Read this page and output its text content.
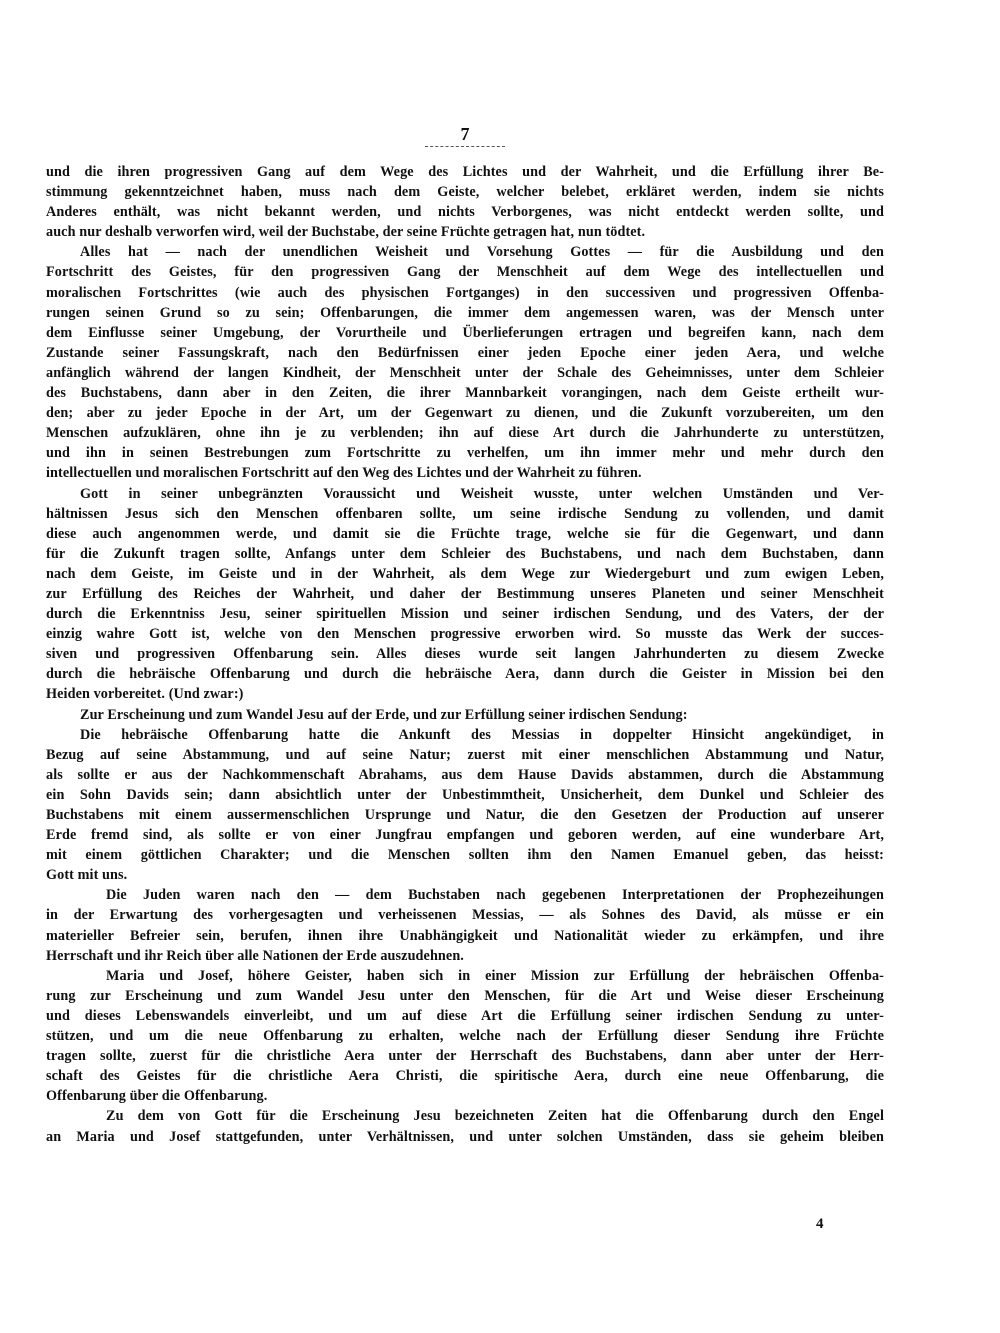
7
und die ihren progressiven Gang auf dem Wege des Lichtes und der Wahrheit, und die Erfüllung ihrer Be-
stimmung gekenntzeichnet haben, muss nach dem Geiste, welcher belebet, erkläret werden, indem sie nichts
Anderes enthält, was nicht bekannt werden, und nichts Verborgenes, was nicht entdeckt werden sollte, und
auch nur deshalb verworfen wird, weil der Buchstabe, der seine Früchte getragen hat, nun tödtet.
Alles hat — nach der unendlichen Weisheit und Vorsehung Gottes — für die Ausbildung und den
Fortschritt des Geistes, für den progressiven Gang der Menschheit auf dem Wege des intellectuellen und
moralischen Fortschrittes (wie auch des physischen Fortganges) in den successiven und progressiven Offenba-
rungen seinen Grund so zu sein; Offenbarungen, die immer dem angemessen waren, was der Mensch unter
dem Einflusse seiner Umgebung, der Vorurtheile und Überlieferungen ertragen und begreifen kann, nach dem
Zustande seiner Fassungskraft, nach den Bedürfnissen einer jeden Epoche einer jeden Aera, und welche
anfänglich während der langen Kindheit, der Menschheit unter der Schale des Geheimnisses, unter dem Schleier
des Buchstabens, dann aber in den Zeiten, die ihrer Mannbarkeit vorangingen, nach dem Geiste ertheilt wur-
den; aber zu jeder Epoche in der Art, um der Gegenwart zu dienen, und die Zukunft vorzubereiten, um den
Menschen aufzuklären, ohne ihn je zu verblenden; ihn auf diese Art durch die Jahrhunderte zu unterstützen,
und ihn in seinen Bestrebungen zum Fortschritte zu verhelfen, um ihn immer mehr und mehr durch den
intellectuellen und moralischen Fortschritt auf den Weg des Lichtes und der Wahrheit zu führen.
Gott in seiner unbegränzten Voraussicht und Weisheit wusste, unter welchen Umständen und Ver-
hältnissen Jesus sich den Menschen offenbaren sollte, um seine irdische Sendung zu vollenden, und damit
diese auch angenommen werde, und damit sie die Früchte trage, welche sie für die Gegenwart, und dann
für die Zukunft tragen sollte, Anfangs unter dem Schleier des Buchstabens, und nach dem Buchstaben, dann
nach dem Geiste, im Geiste und in der Wahrheit, als dem Wege zur Wiedergeburt und zum ewigen Leben,
zur Erfüllung des Reiches der Wahrheit, und daher der Bestimmung unseres Planeten und seiner Menschheit
durch die Erkenntniss Jesu, seiner spirituellen Mission und seiner irdischen Sendung, und des Vaters, der der
einzig wahre Gott ist, welche von den Menschen progressive erworben wird. So musste das Werk der succes-
siven und progressiven Offenbarung sein. Alles dieses wurde seit langen Jahrhunderten zu diesem Zwecke
durch die hebräische Offenbarung und durch die hebräische Aera, dann durch die Geister in Mission bei den
Heiden vorbereitet. (Und zwar:)
Zur Erscheinung und zum Wandel Jesu auf der Erde, und zur Erfüllung seiner irdischen Sendung:
Die hebräische Offenbarung hatte die Ankunft des Messias in doppelter Hinsicht angekündiget, in
Bezug auf seine Abstammung, und auf seine Natur; zuerst mit einer menschlichen Abstammung und Natur,
als sollte er aus der Nachkommenschaft Abrahams, aus dem Hause Davids abstammen, durch die Abstammung
ein Sohn Davids sein; dann absichtlich unter der Unbestimmtheit, Unsicherheit, dem Dunkel und Schleier des
Buchstabens mit einem aussermenschlichen Ursprunge und Natur, die den Gesetzen der Production auf unserer
Erde fremd sind, als sollte er von einer Jungfrau empfangen und geboren werden, auf eine wunderbare Art,
mit einem göttlichen Charakter; und die Menschen sollten ihm den Namen Emanuel geben, das heisst:
Gott mit uns.
Die Juden waren nach den — dem Buchstaben nach gegebenen Interpretationen der Prophezeihungen
in der Erwartung des vorhergesagten und verheissenen Messias, — als Sohnes des David, als müsse er ein
materieller Befreier sein, berufen, ihnen ihre Unabhängigkeit und Nationalität wieder zu erkämpfen, und ihre
Herrschaft und ihr Reich über alle Nationen der Erde auszudehnen.
Maria und Josef, höhere Geister, haben sich in einer Mission zur Erfüllung der hebräischen Offenba-
rung zur Erscheinung und zum Wandel Jesu unter den Menschen, für die Art und Weise dieser Erscheinung
und dieses Lebenswandels einverleibt, und um auf diese Art die Erfüllung seiner irdischen Sendung zu unter-
stützen, und um die neue Offenbarung zu erhalten, welche nach der Erfüllung dieser Sendung ihre Früchte
tragen sollte, zuerst für die christliche Aera unter der Herrschaft des Buchstabens, dann aber unter der Herr-
schaft des Geistes für die christliche Aera Christi, die spiritische Aera, durch eine neue Offenbarung, die
Offenbarung über die Offenbarung.
Zu dem von Gott für die Erscheinung Jesu bezeichneten Zeiten hat die Offenbarung durch den Engel
an Maria und Josef stattgefunden, unter Verhältnissen, und unter solchen Umständen, dass sie geheim bleiben
4
